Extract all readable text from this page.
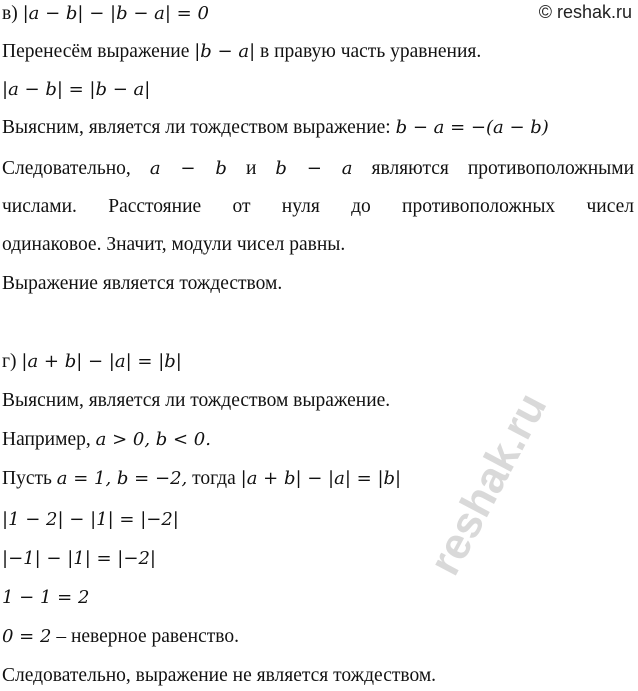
© reshak.ru
в) |a − b| − |b − a| = 0
Перенесём выражение |b − a| в правую часть уравнения.
|a − b| = |b − a|
Выясним, является ли тождеством выражение: b − a = −(a − b)
Следовательно, a − b и b − a являются противоположными
числами. Расстояние от нуля до противоположных чисел
одинаковое. Значит, модули чисел равны.
Выражение является тождеством.
г) |a + b| − |a| = |b|
Выясним, является ли тождеством выражение.
Например, a > 0, b < 0.
Пусть a = 1, b = −2, тогда |a + b| − |a| = |b|
|1 − 2| − |1| = |−2|
|−1| − |1| = |−2|
1 − 1 = 2
0 = 2 – неверное равенство.
Следовательно, выражение не является тождеством.
reshak.ru
